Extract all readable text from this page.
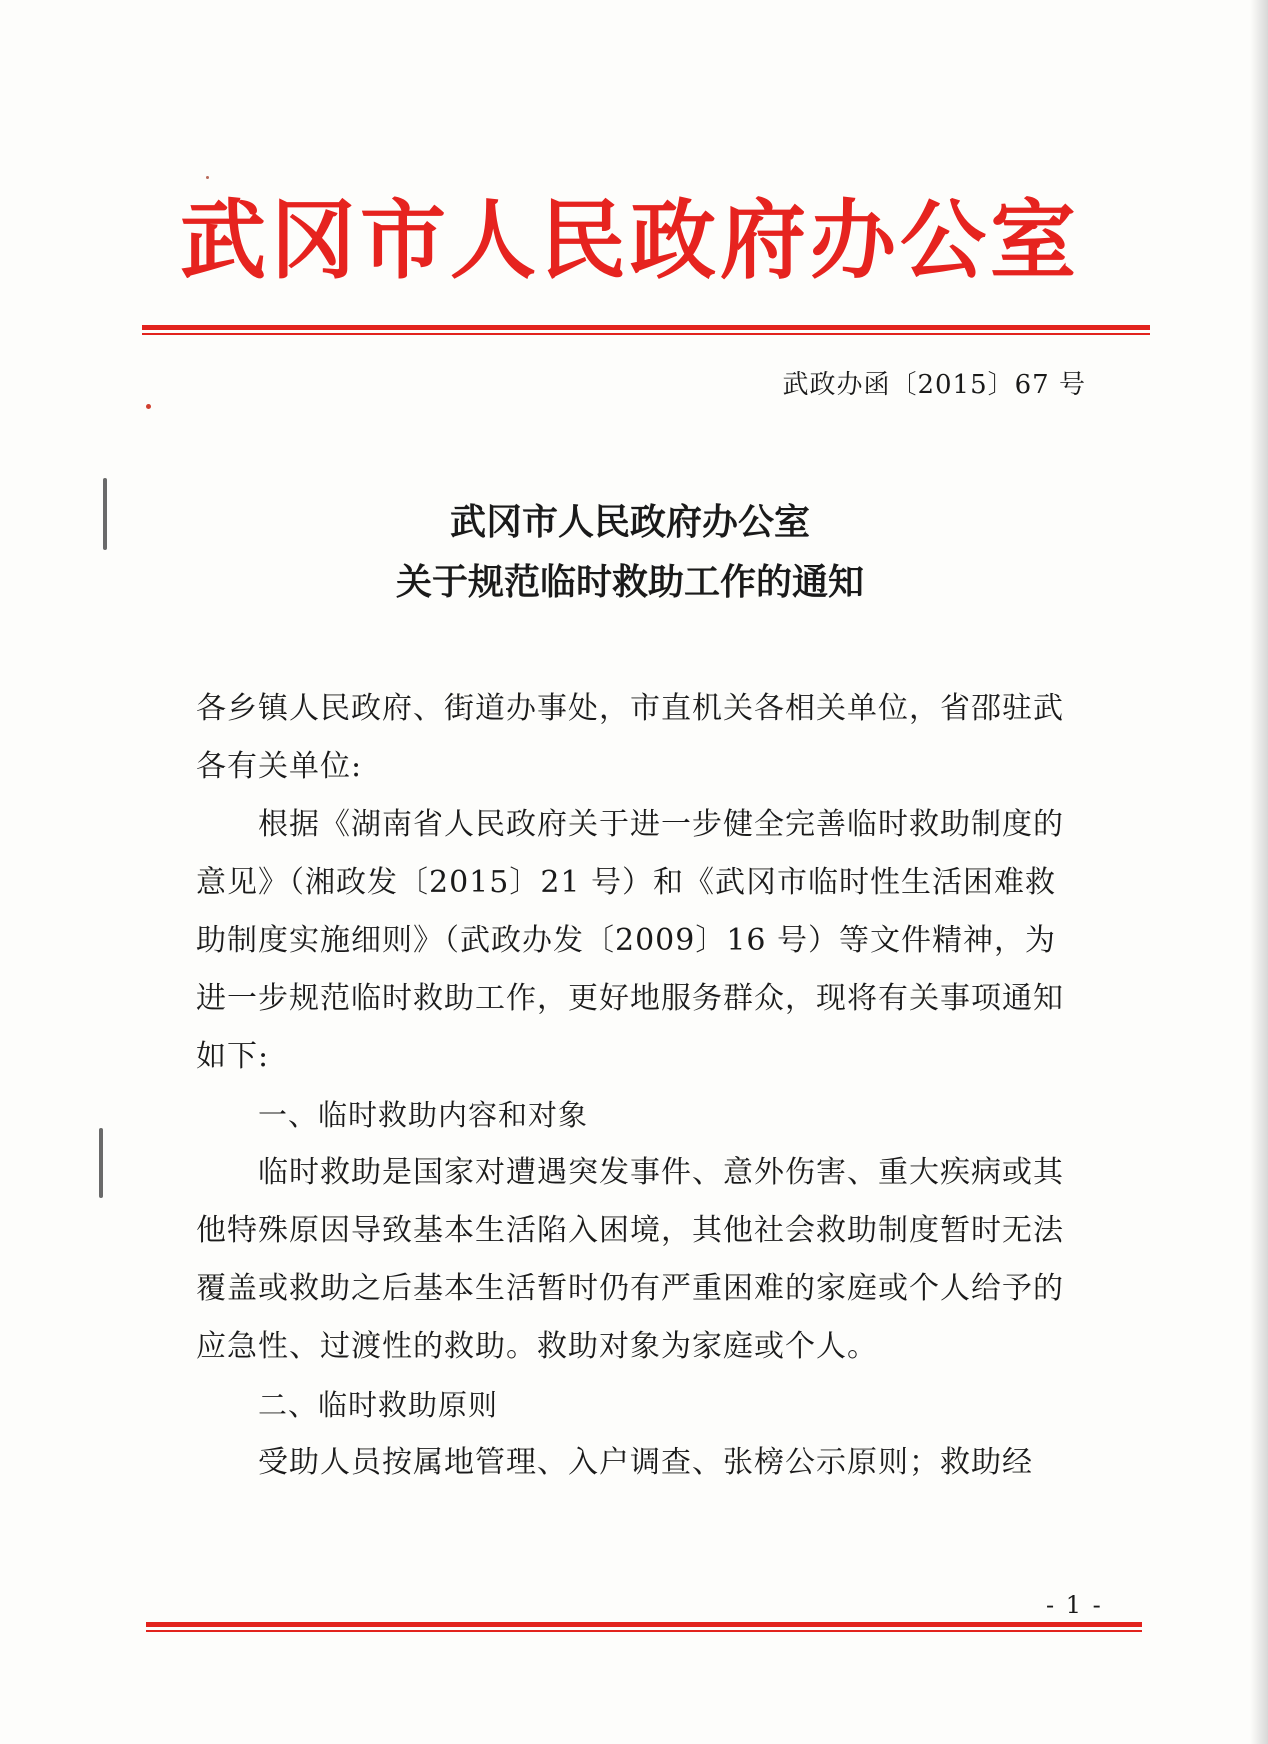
武冈市人民政府办公室
武政办函〔2015〕67 号
武冈市人民政府办公室
关于规范临时救助工作的通知

各乡镇人民政府、街道办事处，市直机关各相关单位，省邵驻武各有关单位:

根据《湖南省人民政府关于进一步健全完善临时救助制度的意见》（湘政发〔2015〕21 号）和《武冈市临时性生活困难救助制度实施细则》（武政办发〔2009〕16 号）等文件精神，为进一步规范临时救助工作，更好地服务群众，现将有关事项通知如下:

一、临时救助内容和对象

临时救助是国家对遭遇突发事件、意外伤害、重大疾病或其他特殊原因导致基本生活陷入困境，其他社会救助制度暂时无法覆盖或救助之后基本生活暂时仍有严重困难的家庭或个人给予的应急性、过渡性的救助。救助对象为家庭或个人。

二、临时救助原则

受助人员按属地管理、入户调查、张榜公示原则；救助经

- 1 -
